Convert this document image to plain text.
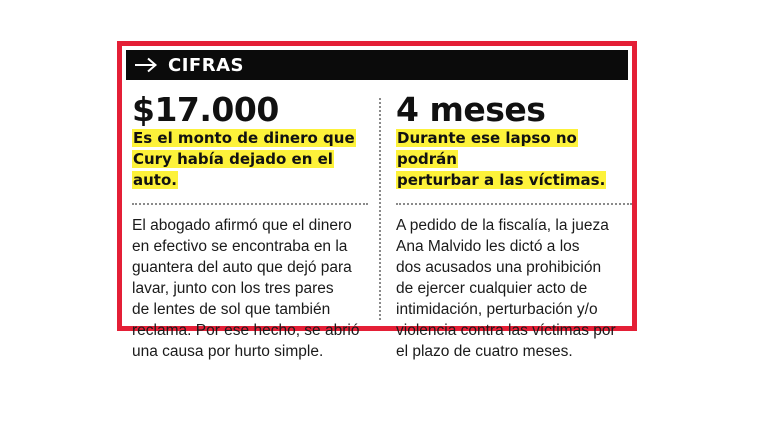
CIFRAS

$17.000

Es el monto de dinero que
Cury había dejado en el auto.

El abogado afirmó que el dinero
en efectivo se encontraba en la
guantera del auto que dejó para
lavar, junto con los tres pares
de lentes de sol que también
reclama. Por ese hecho, se abrió
una causa por hurto simple.

4 meses

Durante ese lapso no podrán
perturbar a las víctimas.

A pedido de la fiscalía, la jueza
Ana Malvido les dictó a los
dos acusados una prohibición
de ejercer cualquier acto de
intimidación, perturbación y/o
violencia contra las víctimas por
el plazo de cuatro meses.
